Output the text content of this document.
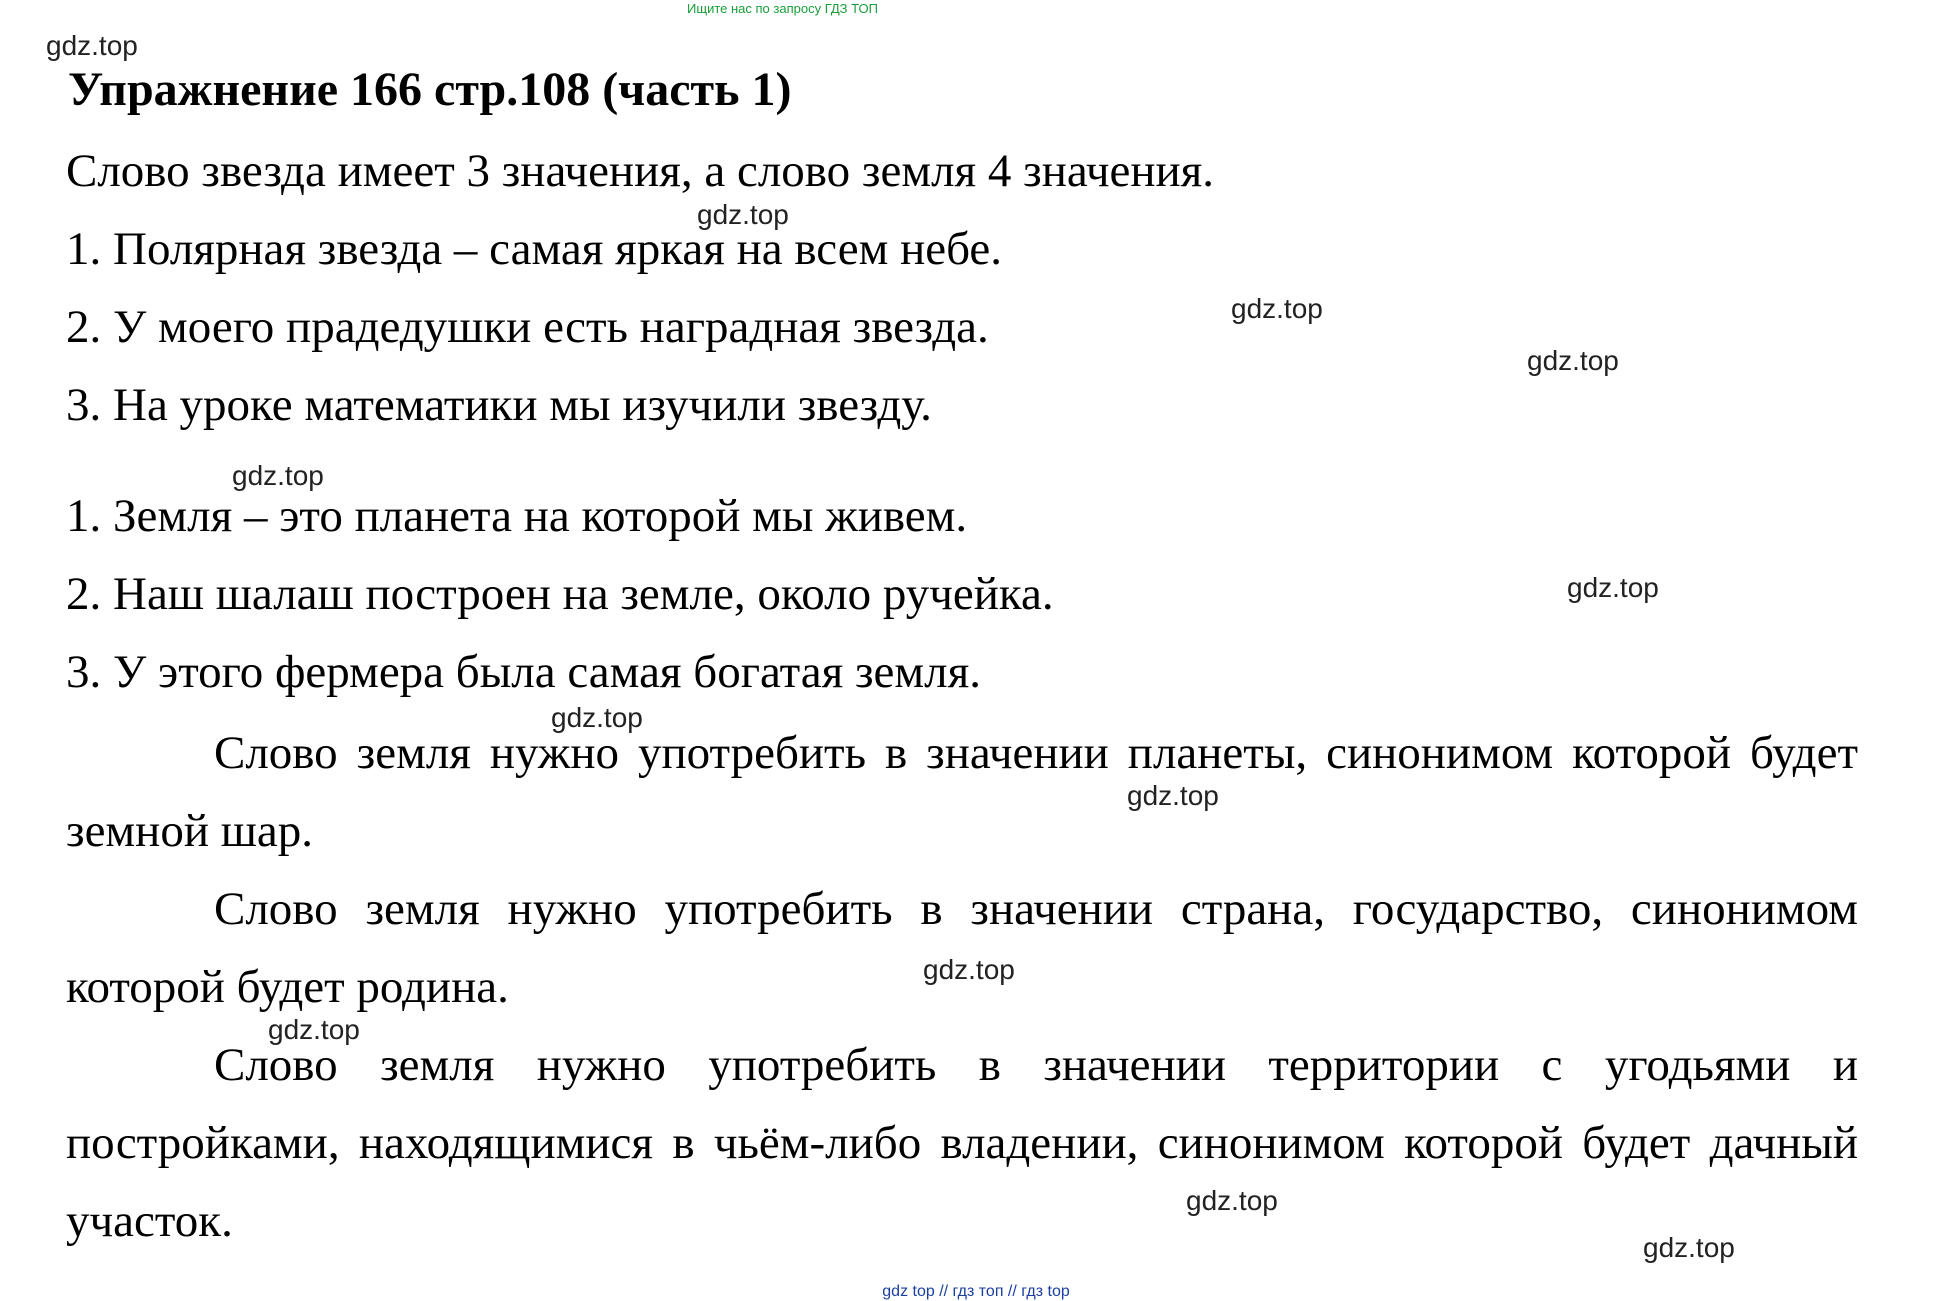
Ищите нас по запросу ГДЗ ТОП
Упражнение 166 стр.108 (часть 1)
Слово звезда имеет 3 значения, а слово земля 4 значения.
1. Полярная звезда – самая яркая на всем небе.
2. У моего прадедушки есть наградная звезда.
3. На уроке математики мы изучили звезду.
1. Земля – это планета на которой мы живем.
2. Наш шалаш построен на земле, около ручейка.
3. У этого фермера была самая богатая земля.
Слово земля нужно употребить в значении планеты, синонимом которой будет земной шар.
Слово земля нужно употребить в значении страна, государство, синонимом которой будет родина.
Слово земля нужно употребить в значении территории с угодьями и постройками, находящимися в чьём-либо владении, синонимом которой будет дачный участок.
gdz.top
gdz.top
gdz.top
gdz.top
gdz.top
gdz.top
gdz.top
gdz.top
gdz.top
gdz.top
gdz.top
gdz.top
gdz top // гдз топ // гдз top
